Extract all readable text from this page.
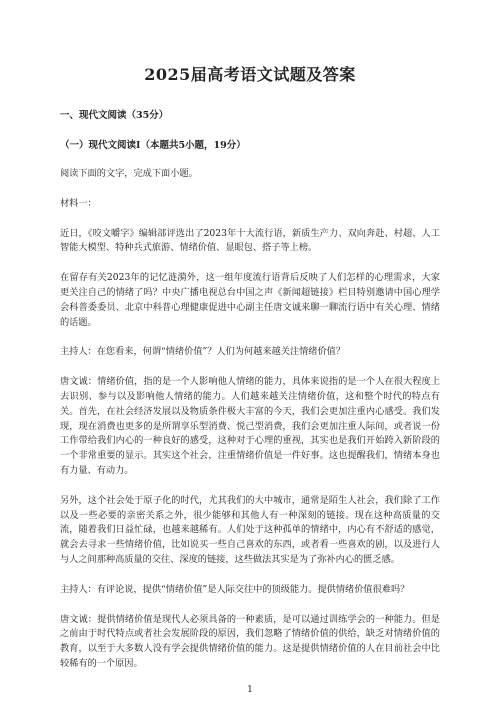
2025届高考语文试题及答案
一、现代文阅读（35分）
（一）现代文阅读Ⅰ（本题共5小题，19分）

阅读下面的文字，完成下面小题。

材料一：

近日，《咬文嚼字》编辑部评选出了2023年十大流行语，新质生产力、双向奔赴、村超、人工智能大模型、特种兵式旅游、情绪价值、显眼包、搭子等上榜。

在留存有关2023年的记忆涟漪外，这一组年度流行语背后反映了人们怎样的心理需求，大家更关注自己的情绪了吗？中央广播电视总台中国之声《新闻超链接》栏目特别邀请中国心理学会科普委委员、北京中科普心理健康促进中心副主任唐文诚来聊一聊流行语中有关心理、情绪的话题。

主持人：在您看来，何谓“情绪价值”？人们为何越来越关注情绪价值？

唐文诚：情绪价值，指的是一个人影响他人情绪的能力，具体来说指的是一个人在很大程度上去识别、参与以及影响他人情绪的能力。人们越来越关注情绪价值，这和整个时代的特点有关。首先，在社会经济发展以及物质条件极大丰富的今天，我们会更加注重内心感受。我们发现，现在消费也更多的是所谓享乐型消费、悦己型消费，我们会更加注重人际间，或者说一份工作带给我们内心的一种良好的感受，这种对于心理的重视，其实也是我们开始跨入新阶段的一个非常重要的显示。其实这个社会，注重情绪价值是一件好事。这也提醒我们，情绪本身也有力量、有动力。

另外，这个社会处于原子化的时代，尤其我们的大中城市，通常是陌生人社会，我们除了工作以及一些必要的亲密关系之外，很少能够和其他人有一种深刻的链接。现在这种高质量的交流，随着我们日益忙碌，也越来越稀有。人们处于这种孤单的情绪中，内心有不舒适的感觉，就会去寻求一些情绪价值，比如说买一些自己喜欢的东西，或者看一些喜欢的剧，以及进行人与人之间那种高质量的交往、深度的链接，这些做法其实是为了弥补内心的匮乏感。

主持人：有评论说，提供“情绪价值”是人际交往中的顶级能力。提供情绪价值很难吗？

唐文诚：提供情绪价值是现代人必须具备的一种素质，是可以通过训练学会的一种能力。但是之前由于时代特点或者社会发展阶段的原因，我们忽略了情绪价值的供给，缺乏对情绪价值的教育，以至于大多数人没有学会提供情绪价值的能力。这是提供情绪价值的人在目前社会中比较稀有的一个原因。

1
